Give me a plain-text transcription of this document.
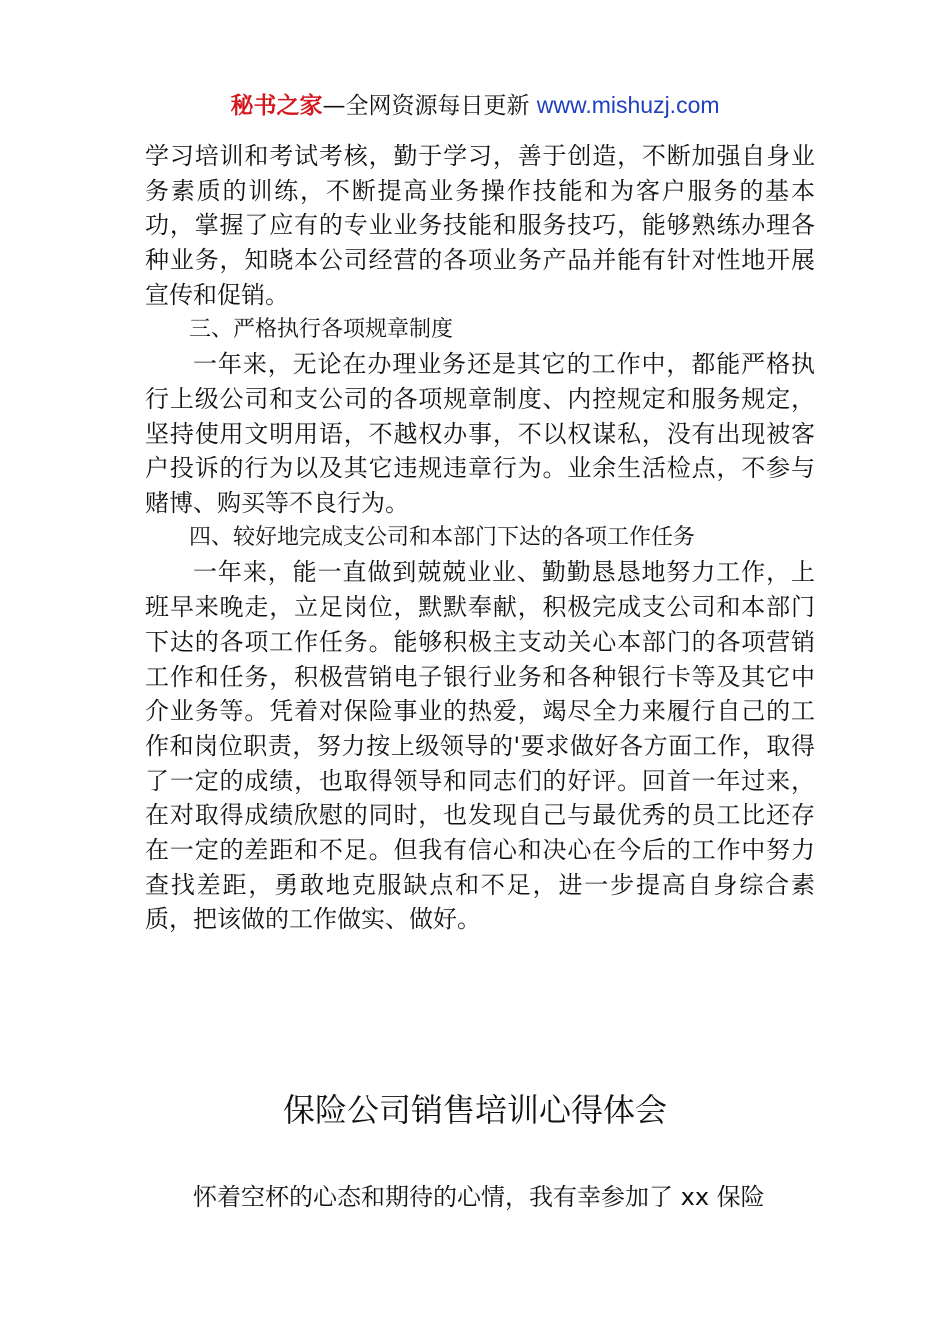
秘书之家—全网资源每日更新 www.mishuzj.com

学习培训和考试考核，勤于学习，善于创造，不断加强自身业务素质的训练，不断提高业务操作技能和为客户服务的基本功，掌握了应有的专业业务技能和服务技巧，能够熟练办理各种业务，知晓本公司经营的各项业务产品并能有针对性地开展宣传和促销。

三、严格执行各项规章制度

一年来，无论在办理业务还是其它的工作中，都能严格执行上级公司和支公司的各项规章制度、内控规定和服务规定，坚持使用文明用语，不越权办事，不以权谋私，没有出现被客户投诉的行为以及其它违规违章行为。业余生活检点，不参与赌博、购买等不良行为。

四、较好地完成支公司和本部门下达的各项工作任务

一年来，能一直做到兢兢业业、勤勤恳恳地努力工作，上班早来晚走，立足岗位，默默奉献，积极完成支公司和本部门下达的各项工作任务。能够积极主支动关心本部门的各项营销工作和任务，积极营销电子银行业务和各种银行卡等及其它中介业务等。凭着对保险事业的热爱，竭尽全力来履行自己的工作和岗位职责，努力按上级领导的'要求做好各方面工作，取得了一定的成绩，也取得领导和同志们的好评。回首一年过来，在对取得成绩欣慰的同时，也发现自己与最优秀的员工比还存在一定的差距和不足。但我有信心和决心在今后的工作中努力查找差距，勇敢地克服缺点和不足，进一步提高自身综合素质，把该做的工作做实、做好。

保险公司销售培训心得体会

怀着空杯的心态和期待的心情，我有幸参加了 xx 保险
